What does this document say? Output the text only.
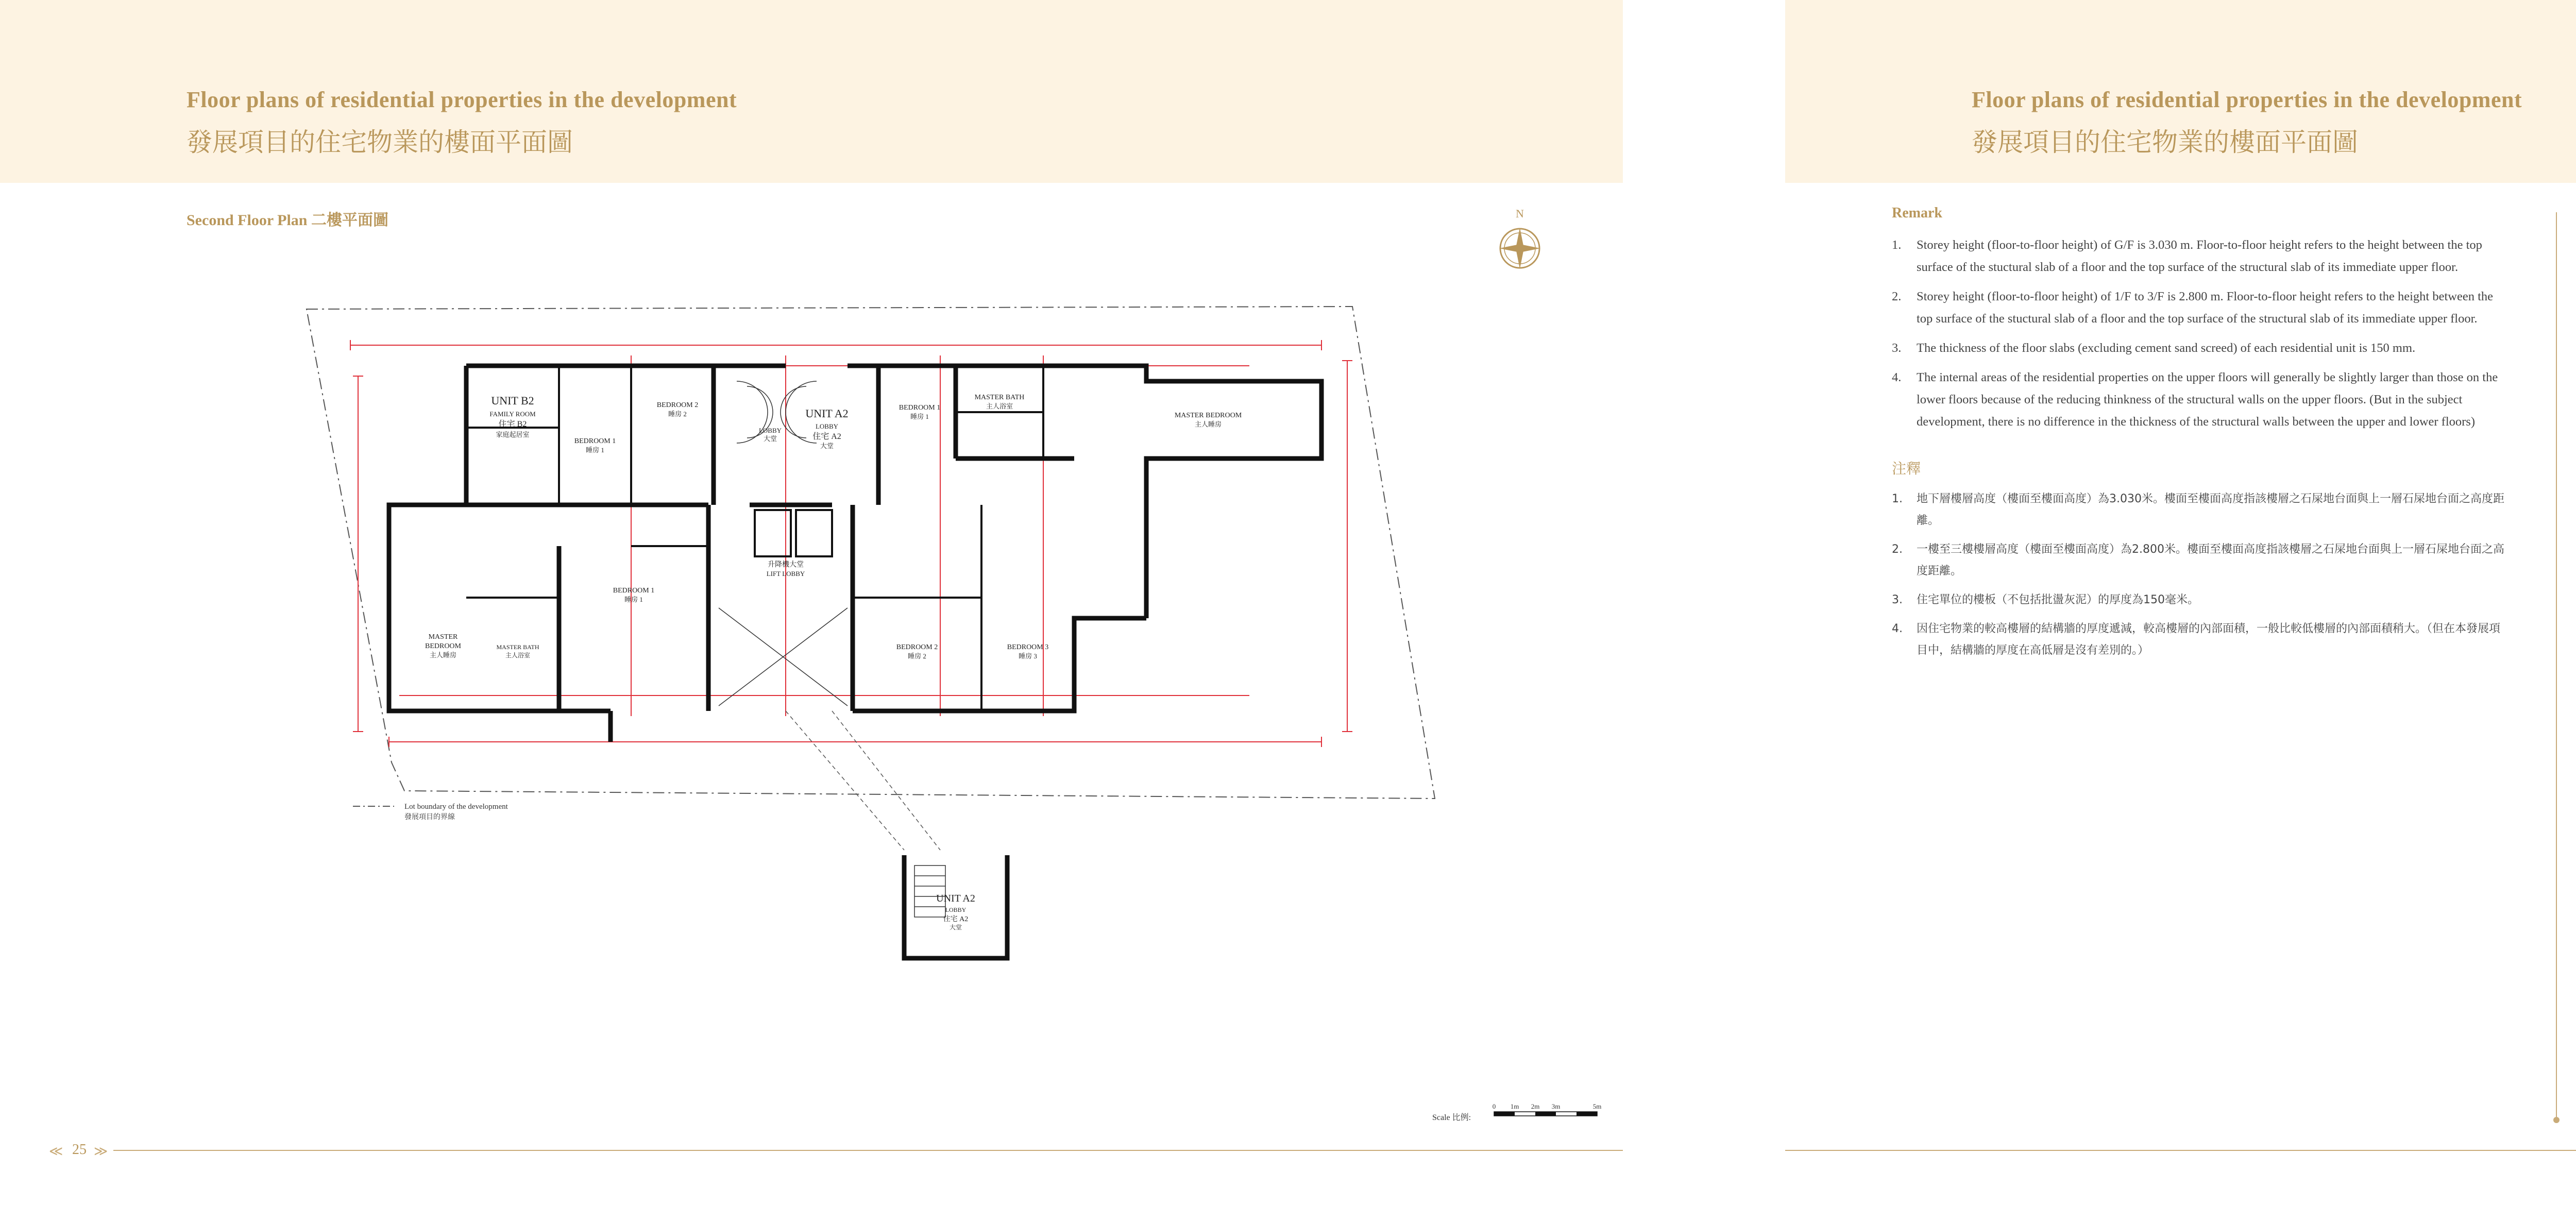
Floor plans of residential properties in the development
發展項目的住宅物業的樓面平面圖
Second Floor Plan 二樓平面圖	N
UNIT B2
FAMILY ROOM
住宅 B2
家庭起居室
BEDROOM 1
睡房 1
BEDROOM 2
睡房 2	UNIT A2
LOBBY
住宅 A2
大堂
LOBBY
大堂
BEDROOM 1
睡房 1
MASTER BATH
主人浴室
MASTER BEDROOM
主人睡房
升降機大堂
LIFT LOBBY
BEDROOM 1
睡房 1
BEDROOM 2
睡房 2
BEDROOM 3
睡房 3
MASTER
BEDROOM
主人睡房
MASTER BATH
主人浴室
UNIT A2
LOBBY
住宅 A2
大堂
Lot boundary of the development
發展項目的界線
Scale 比例:
0 1m 2m 3m	5m
≪ 25 ≫
Floor plans of residential properties in the development
發展項目的住宅物業的樓面平面圖
Remark
1. Storey height (floor-to-floor height) of G/F is 3.030 m. Floor-to-floor height refers to the height between the top surface of the stuctural slab of a floor and the top surface of the structural slab of its immediate upper floor.
2. Storey height (floor-to-floor height) of 1/F to 3/F is 2.800 m. Floor-to-floor height refers to the height between the top surface of the stuctural slab of a floor and the top surface of the structural slab of its immediate upper floor.
3. The thickness of the floor slabs (excluding cement sand screed) of each residential unit is 150 mm.
4. The internal areas of the residential properties on the upper floors will generally be slightly larger than those on the lower floors because of the reducing thinkness of the structural walls on the upper floors. (But in the subject development, there is no difference in the thickness of the structural walls between the upper and lower floors)
注釋
1. 地下層樓層高度（樓面至樓面高度）為3.030米。樓面至樓面高度指該樓層之石屎地台面與上一層石屎地台面之高度距離。
2. 一樓至三樓樓層高度（樓面至樓面高度）為2.800米。樓面至樓面高度指該樓層之石屎地台面與上一層石屎地台面之高度距離。
3. 住宅單位的樓板（不包括批盪灰泥）的厚度為150毫米。
4. 因住宅物業的較高樓層的結構牆的厚度遞減，較高樓層的內部面積，一般比較低樓層的內部面積稍大。（但在本發展項目中，結構牆的厚度在高低層是沒有差別的。）
